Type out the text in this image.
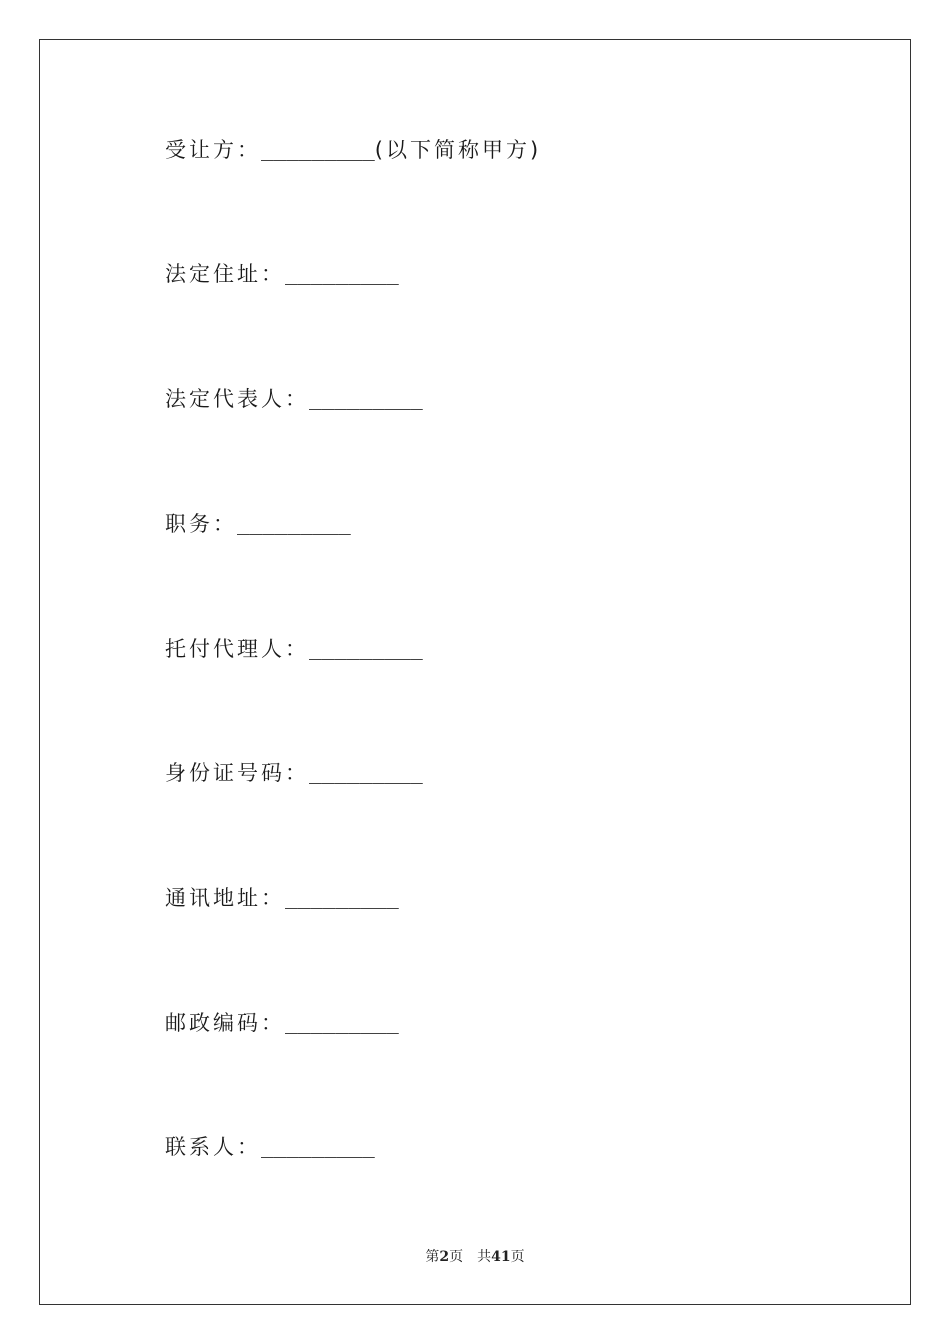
受让方： _________ (以下简称甲方)
法定住址： _________
法定代表人： _________
职务： _________
托付代理人： _________
身份证号码： _________
通讯地址： _________
邮政编码： _________
联系人： _________
第2页 共41页
